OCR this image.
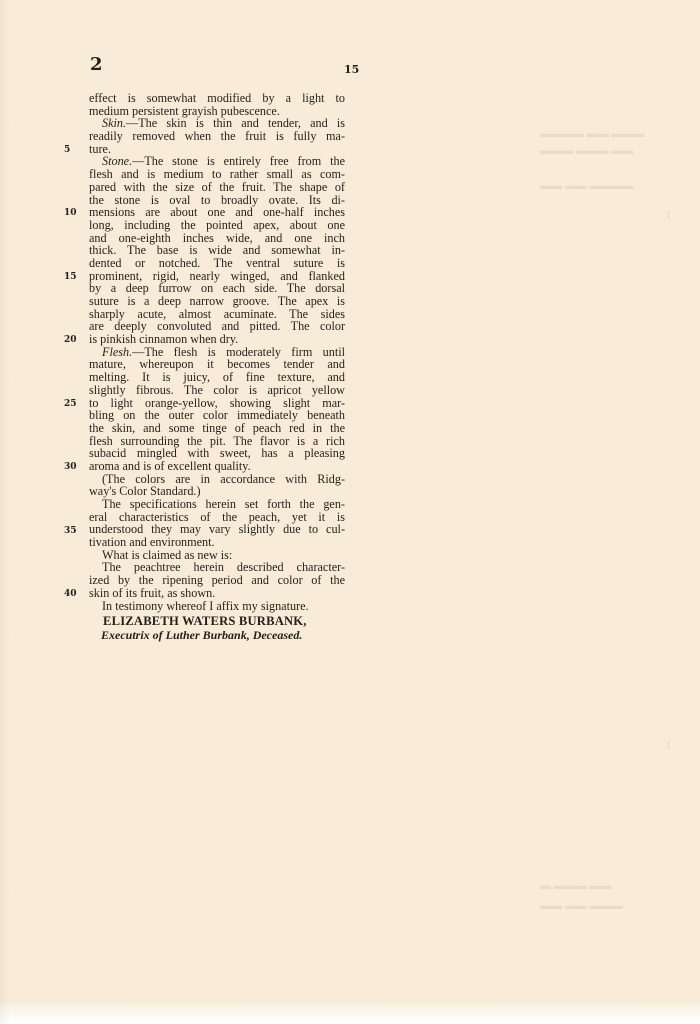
2	15
effect is somewhat modified by a light to
medium persistent grayish pubescence.
Skin.—The skin is thin and tender, and is
readily removed when the fruit is fully ma-
ture.
Stone.—The stone is entirely free from the
flesh and is medium to rather small as com-
pared with the size of the fruit. The shape of
the stone is oval to broadly ovate. Its di-
mensions are about one and one-half inches
long, including the pointed apex, about one
and one-eighth inches wide, and one inch
thick. The base is wide and somewhat in-
dented or notched. The ventral suture is
prominent, rigid, nearly winged, and flanked
by a deep furrow on each side. The dorsal
suture is a deep narrow groove. The apex is
sharply acute, almost acuminate. The sides
are deeply convoluted and pitted. The color
is pinkish cinnamon when dry.
Flesh.—The flesh is moderately firm until
mature, whereupon it becomes tender and
melting. It is juicy, of fine texture, and
slightly fibrous. The color is apricot yellow
to light orange-yellow, showing slight mar-
bling on the outer color immediately beneath
the skin, and some tinge of peach red in the
flesh surrounding the pit. The flavor is a rich
subacid mingled with sweet, has a pleasing
aroma and is of excellent quality.
(The colors are in accordance with Ridg-
way's Color Standard.)
The specifications herein set forth the gen-
eral characteristics of the peach, yet it is
understood they may vary slightly due to cul-
tivation and environment.
What is claimed as new is:
The peachtree herein described character-
ized by the ripening period and color of the
skin of its fruit, as shown.
In testimony whereof I affix my signature.
5
10
15
20
25
30
35
40
ELIZABETH WATERS BURBANK,
Executrix of Luther Burbank, Deceased.
▬▬▬ ▬▬ ▬▬▬▬
▬▬ ▬▬▬ ▬▬▬
▬▬▬▬ ▬▬ ▬▬
▬▬ ▬▬▬ ▬
▬▬▬ ▬▬ ▬▬
|
|
